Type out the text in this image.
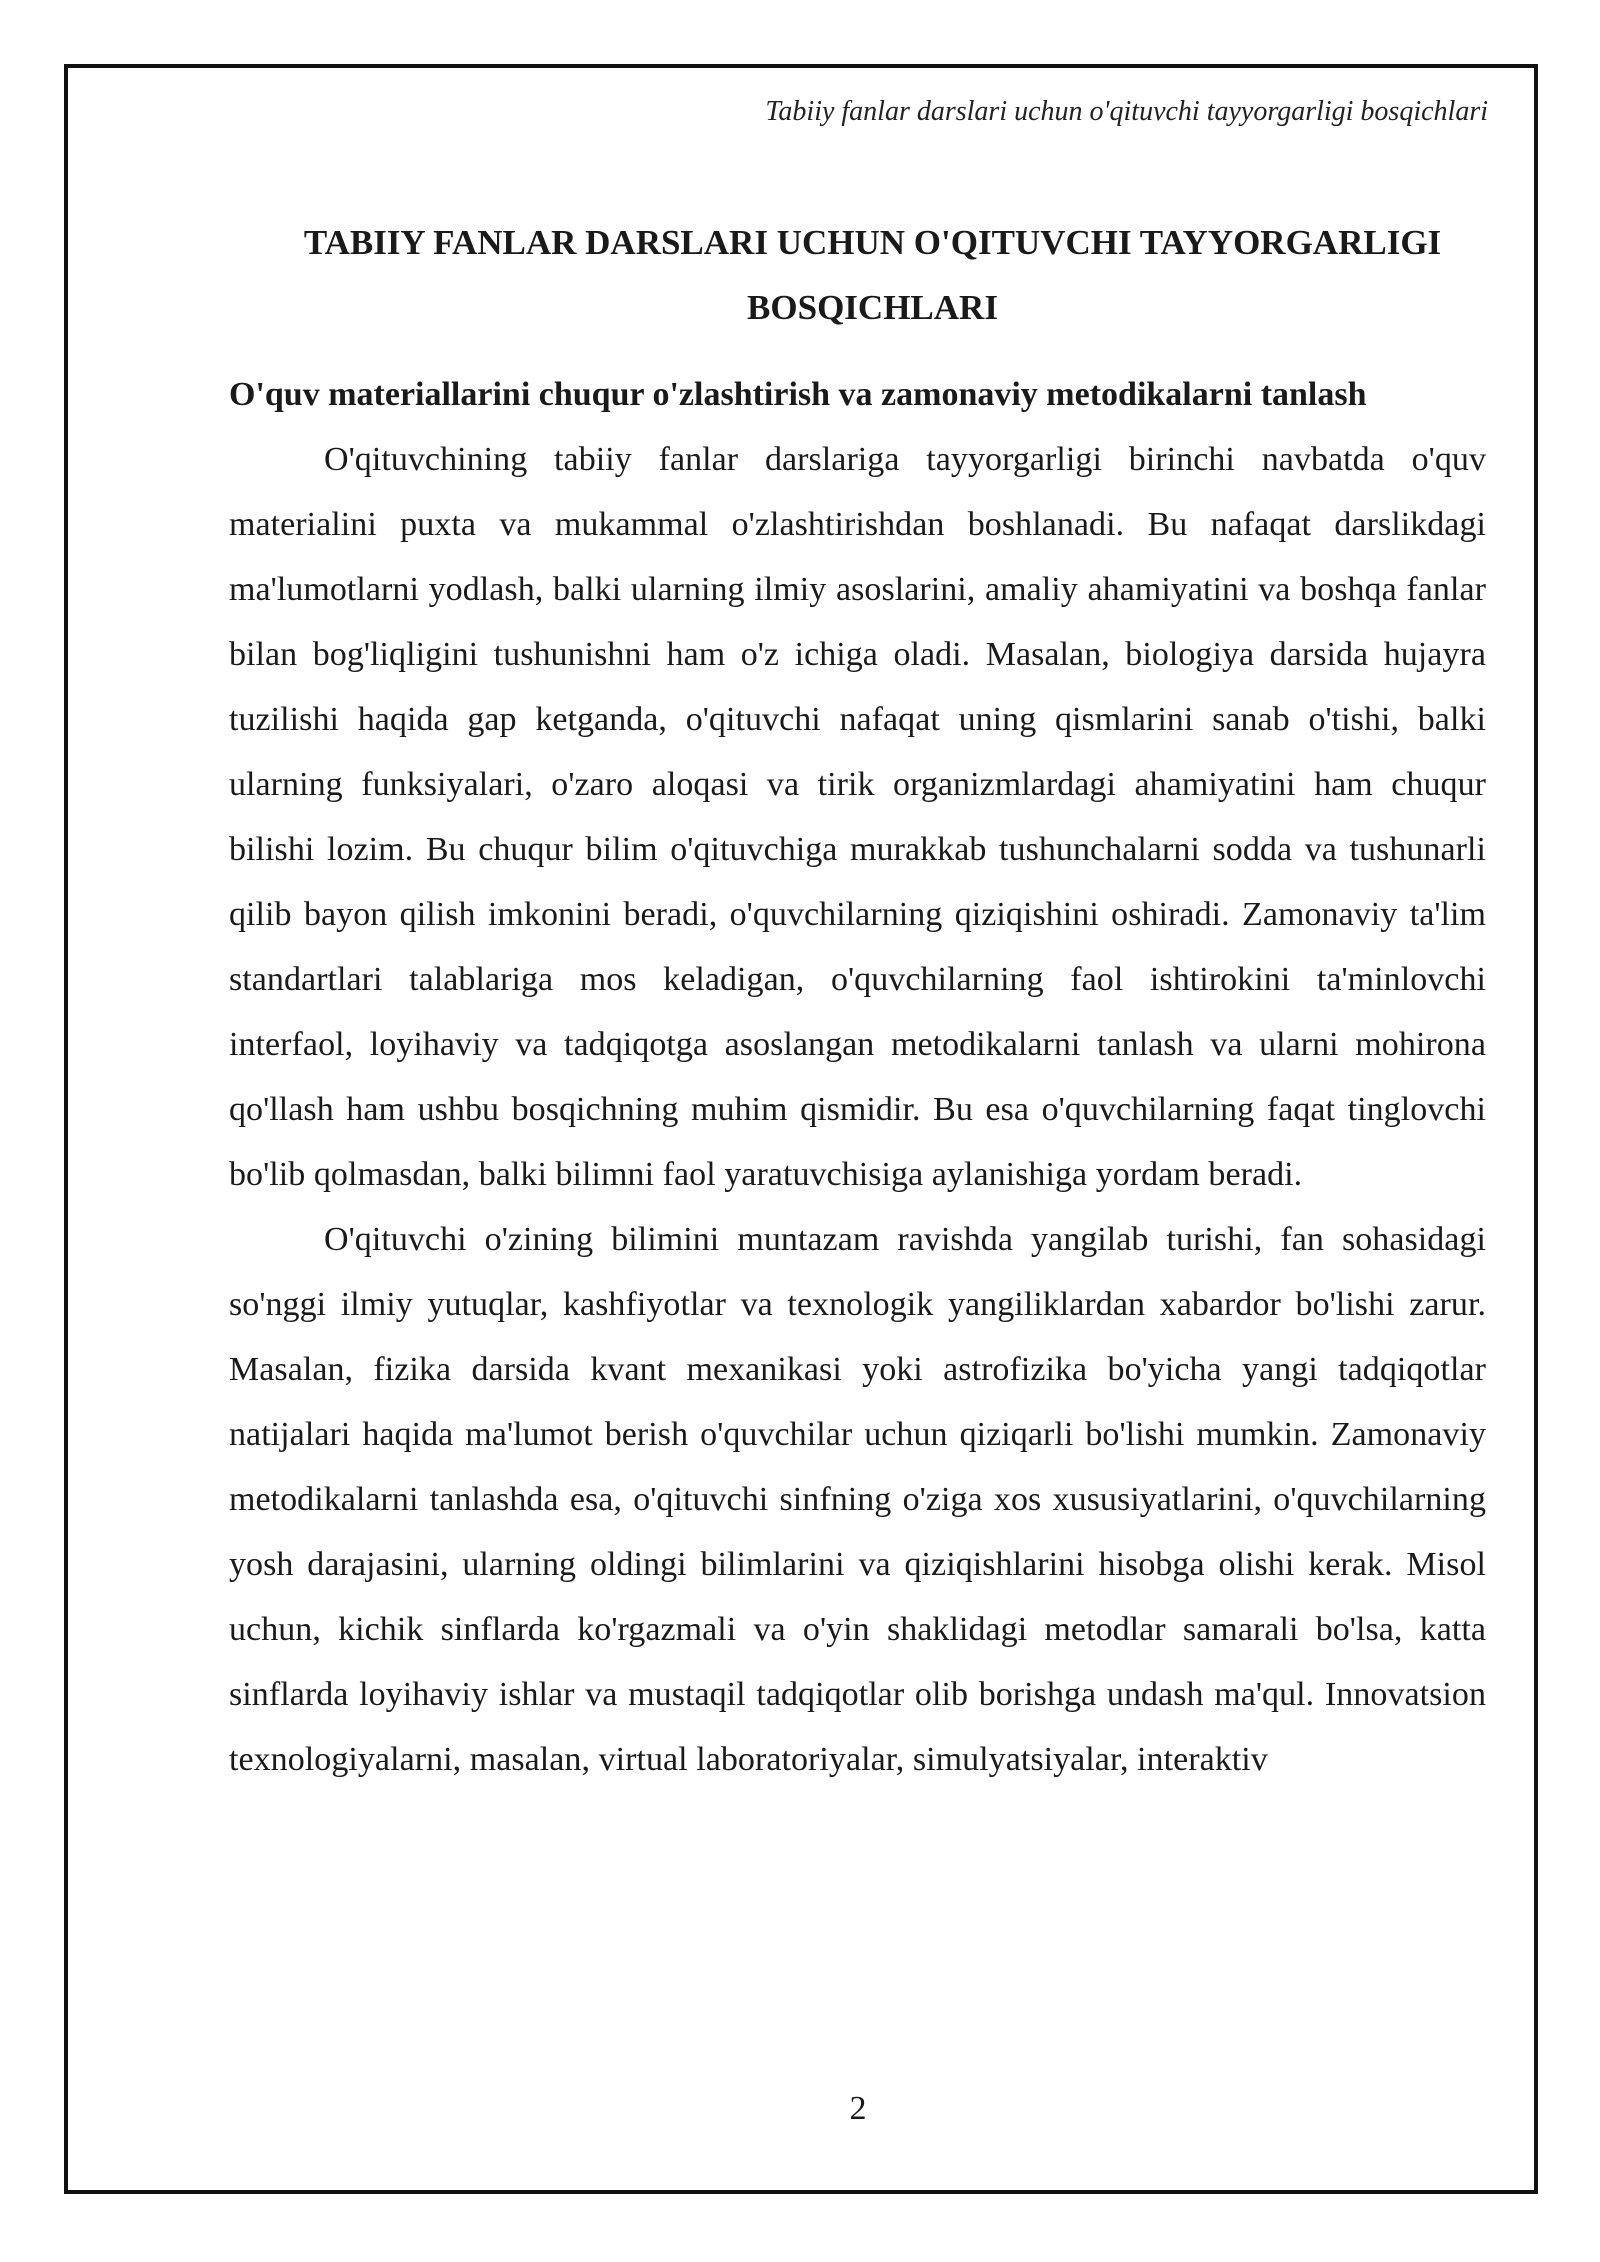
Tabiiy fanlar darslari uchun o'qituvchi tayyorgarligi bosqichlari
TABIIY FANLAR DARSLARI UCHUN O'QITUVCHI TAYYORGARLIGI BOSQICHLARI
O'quv materiallarini chuqur o'zlashtirish va zamonaviy metodikalarni tanlash

O'qituvchining tabiiy fanlar darslariga tayyorgarligi birinchi navbatda o'quv materialini puxta va mukammal o'zlashtirishdan boshlanadi. Bu nafaqat darslikdagi ma'lumotlarni yodlash, balki ularning ilmiy asoslarini, amaliy ahamiyatini va boshqa fanlar bilan bog'liqligini tushunishni ham o'z ichiga oladi. Masalan, biologiya darsida hujayra tuzilishi haqida gap ketganda, o'qituvchi nafaqat uning qismlarini sanab o'tishi, balki ularning funksiyalari, o'zaro aloqasi va tirik organizmlardagi ahamiyatini ham chuqur bilishi lozim. Bu chuqur bilim o'qituvchiga murakkab tushunchalarni sodda va tushunarli qilib bayon qilish imkonini beradi, o'quvchilarning qiziqishini oshiradi. Zamonaviy ta'lim standartlari talablariga mos keladigan, o'quvchilarning faol ishtirokini ta'minlovchi interfaol, loyihaviy va tadqiqotga asoslangan metodikalarni tanlash va ularni mohirona qo'llash ham ushbu bosqichning muhim qismidir. Bu esa o'quvchilarning faqat tinglovchi bo'lib qolmasdan, balki bilimni faol yaratuvchisiga aylanishiga yordam beradi.

O'qituvchi o'zining bilimini muntazam ravishda yangilab turishi, fan sohasidagi so'nggi ilmiy yutuqlar, kashfiyotlar va texnologik yangiliklardan xabardor bo'lishi zarur. Masalan, fizika darsida kvant mexanikasi yoki astrofizika bo'yicha yangi tadqiqotlar natijalari haqida ma'lumot berish o'quvchilar uchun qiziqarli bo'lishi mumkin. Zamonaviy metodikalarni tanlashda esa, o'qituvchi sinfning o'ziga xos xususiyatlarini, o'quvchilarning yosh darajasini, ularning oldingi bilimlarini va qiziqishlarini hisobga olishi kerak. Misol uchun, kichik sinflarda ko'rgazmali va o'yin shaklidagi metodlar samarali bo'lsa, katta sinflarda loyihaviy ishlar va mustaqil tadqiqotlar olib borishga undash ma'qul. Innovatsion texnologiyalarni, masalan, virtual laboratoriyalar, simulyatsiyalar, interaktiv

2
